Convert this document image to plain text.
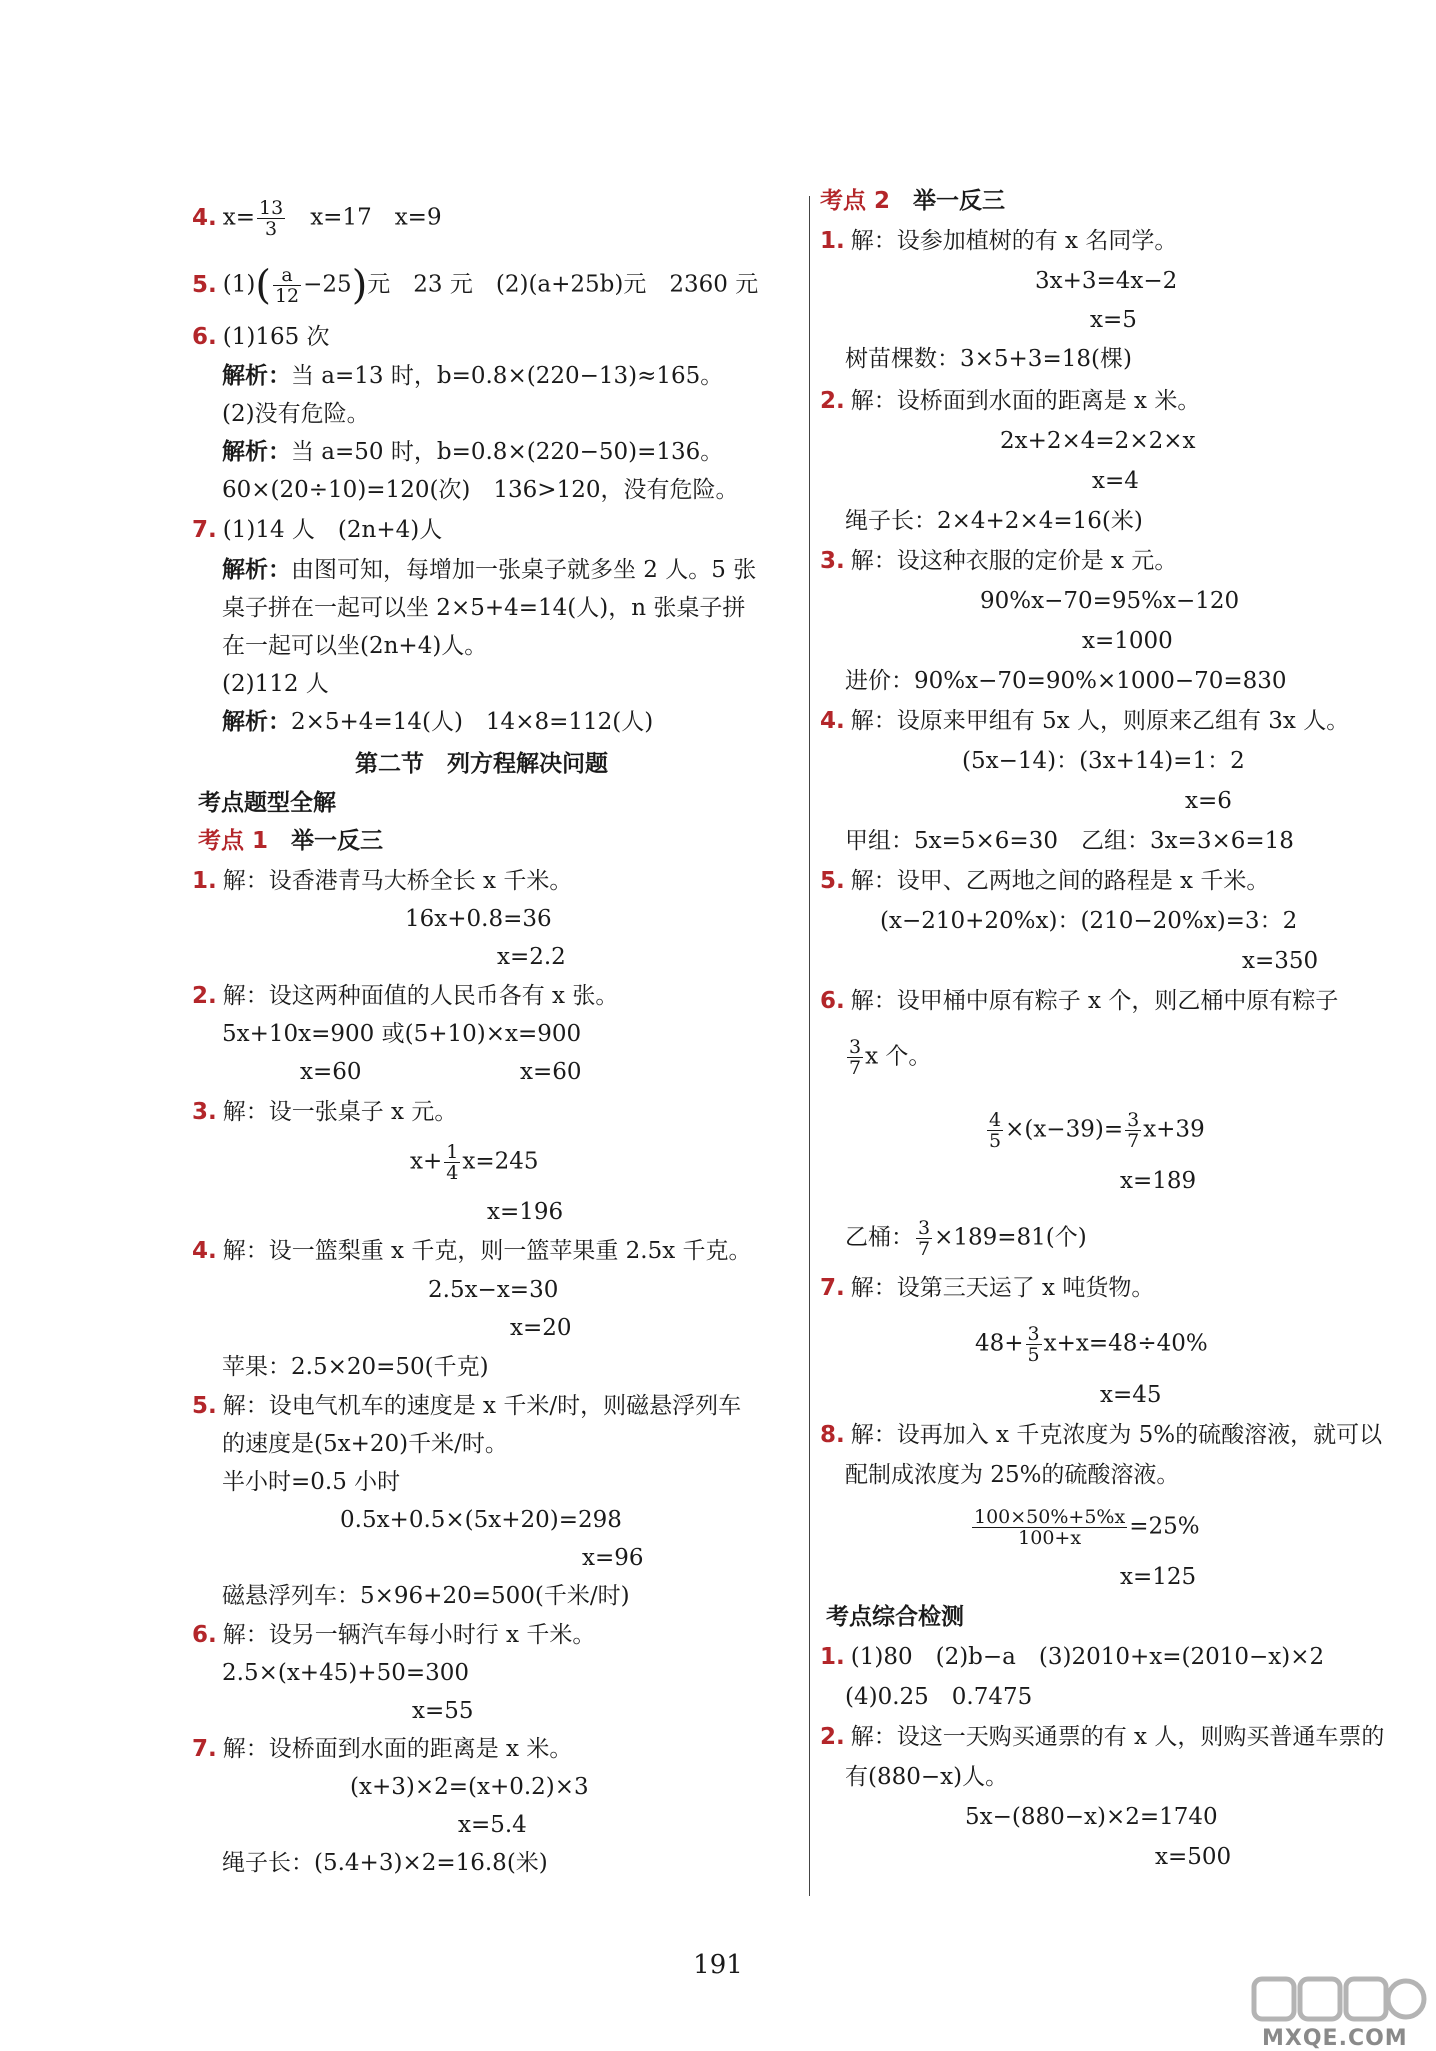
4. $x= \frac{13}{3}$
　 x=17　x=9
5. $(1)( \frac{a}{12} -25)$元　23 元　(2)(a+25b)元　2360 元
6. (1)165 次
解析：当 a=13 时，b=0.8×(220−13)≈165。
(2)没有危险。
解析：当 a=50 时，b=0.8×(220−50)=136。
60×(20÷10)=120(次)　136>120，没有危险。
7. (1)14 人　(2n+4)人
解析：由图可知，每增加一张桌子就多坐 2 人。5 张
桌子拼在一起可以坐 2×5+4=14(人)，n 张桌子拼
在一起可以坐(2n+4)人。
(2)112 人
解析：2×5+4=14(人)　14×8=112(人)
第二节　列方程解决问题
考点题型全解
考点 1　 举一反三
1. 解：设香港青马大桥全长 x 千米。
16x+0.8=36
x=2.2
2. 解：设这两种面值的人民币各有 x 张。
5x+10x=900 或(5+10)×x=900
x=60	x=60
3. 解：设一张桌子 x 元。
$x+ \frac{1}{4} x=245$
x=196
4. 解：设一篮梨重 x 千克，则一篮苹果重 2.5x 千克。
2.5x−x=30
x=20
苹果：2.5×20=50(千克)
5. 解：设电气机车的速度是 x 千米/时，则磁悬浮列车
的速度是(5x+20)千米/时。
半小时=0.5 小时
0.5x+0.5×(5x+20)=298
x=96
磁悬浮列车：5×96+20=500(千米/时)
6. 解：设另一辆汽车每小时行 x 千米。
2.5×(x+45)+50=300
x=55
7. 解：设桥面到水面的距离是 x 米。
(x+3)×2=(x+0.2)×3
x=5.4
绳子长：(5.4+3)×2=16.8(米)
考点 2　 举一反三
1. 解：设参加植树的有 x 名同学。
3x+3=4x−2
x=5
树苗棵数：3×5+3=18(棵)
2. 解：设桥面到水面的距离是 x 米。
2x+2×4=2×2×x
x=4
绳子长：2×4+2×4=16(米)
3. 解：设这种衣服的定价是 x 元。
90%x−70=95%x−120
x=1000
进价：90%x−70=90%×1000−70=830
4. 解：设原来甲组有 5x 人，则原来乙组有 3x 人。
(5x−14)：(3x+14)=1：2
x=6
甲组：5x=5×6=30　乙组：3x=3×6=18
5. 解：设甲、乙两地之间的路程是 x 千米。
(x−210+20%x)：(210−20%x)=3：2
x=350
6. 解：设甲桶中原有粽子 x 个，则乙桶中原有粽子
$\frac{3}{7}$ x 个。
$\frac{4}{5} \times(x-39)= \frac{3}{7} x+39$
x=189
乙桶： $\frac{3}{7} \times 189=81$(个)
7. 解：设第三天运了 x 吨货物。
$48+ \frac{3}{5} x+x=48\div 40\%$
x=45
8. 解：设再加入 x 千克浓度为 5%的硫酸溶液，就可以
配制成浓度为 25%的硫酸溶液。
$\frac{100\times 50\%+5\%x}{100+x} =25\%$
x=125
考点综合检测
1. (1)80　(2)b−a　(3)2010+x=(2010−x)×2
(4)0.25　0.7475
2. 解：设这一天购买通票的有 x 人，则购买普通车票的
有(880−x)人。
5x−(880−x)×2=1740
x=500
191
MXQE.COM
